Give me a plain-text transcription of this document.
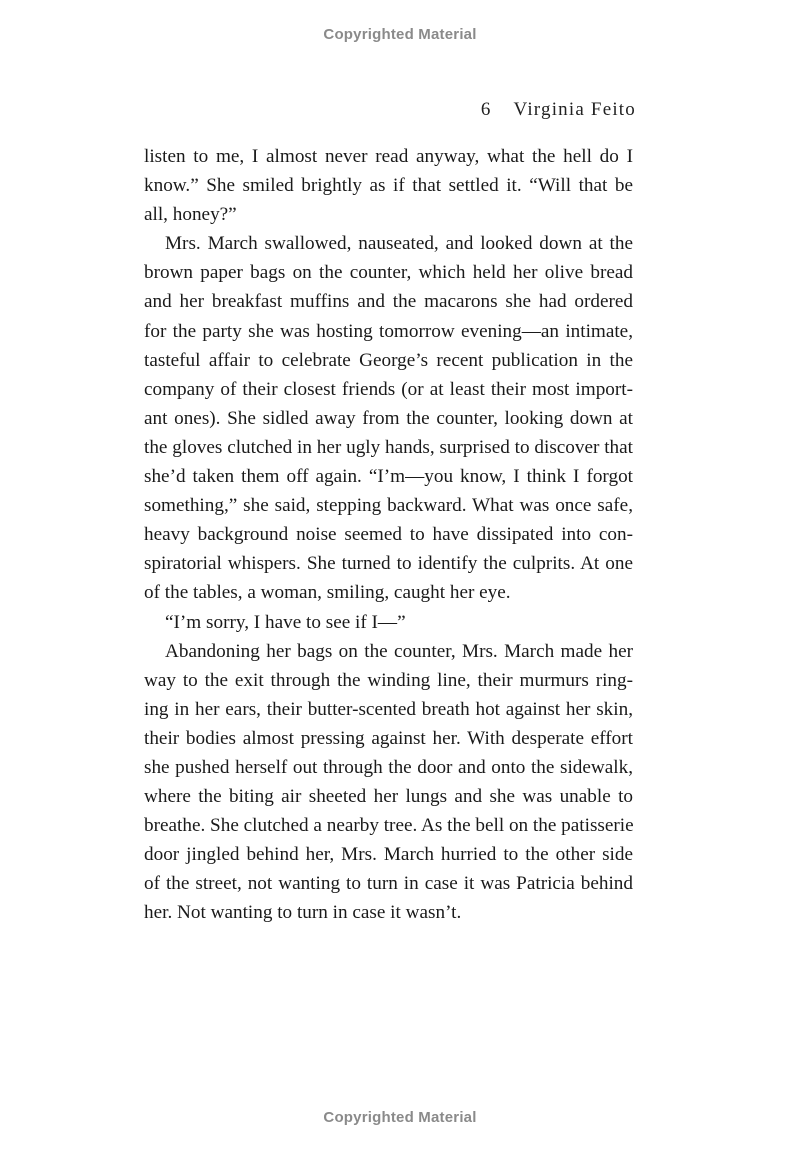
Copyrighted Material
6 Virginia Feito
listen to me, I almost never read anyway, what the hell do I
know.” She smiled brightly as if that settled it. “Will that be
all, honey?”
Mrs. March swallowed, nauseated, and looked down at the
brown paper bags on the counter, which held her olive bread
and her breakfast muffins and the macarons she had ordered
for the party she was hosting tomorrow evening—an intimate,
tasteful affair to celebrate George’s recent publication in the
company of their closest friends (or at least their most import-
ant ones). She sidled away from the counter, looking down at
the gloves clutched in her ugly hands, surprised to discover that
she’d taken them off again. “I’m—you know, I think I forgot
something,” she said, stepping backward. What was once safe,
heavy background noise seemed to have dissipated into con-
spiratorial whispers. She turned to identify the culprits. At one
of the tables, a woman, smiling, caught her eye.
“I’m sorry, I have to see if I—”
Abandoning her bags on the counter, Mrs. March made her
way to the exit through the winding line, their murmurs ring-
ing in her ears, their butter-scented breath hot against her skin,
their bodies almost pressing against her. With desperate effort
she pushed herself out through the door and onto the sidewalk,
where the biting air sheeted her lungs and she was unable to
breathe. She clutched a nearby tree. As the bell on the patisserie
door jingled behind her, Mrs. March hurried to the other side
of the street, not wanting to turn in case it was Patricia behind
her. Not wanting to turn in case it wasn’t.
Copyrighted Material
